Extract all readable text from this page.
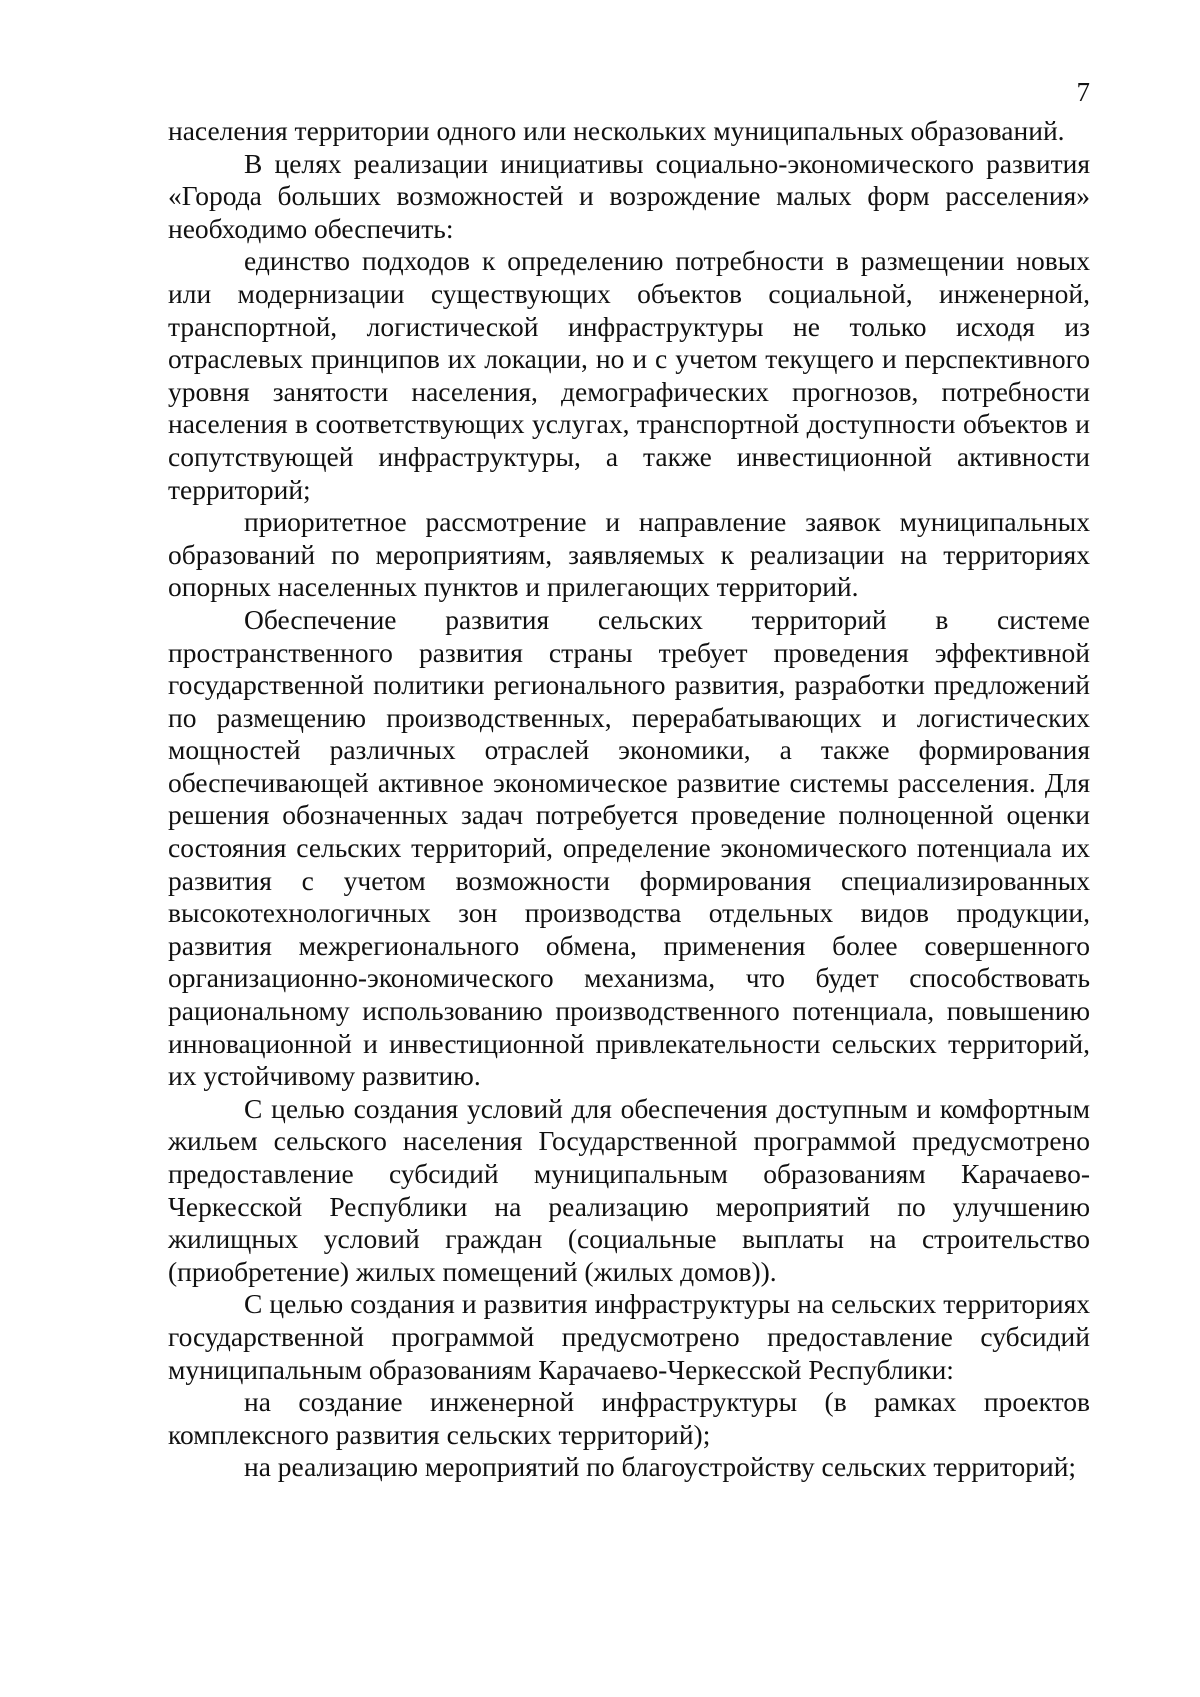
7

населения территории одного или нескольких муниципальных образований.

В целях реализации инициативы социально-экономического развития «Города больших возможностей и возрождение малых форм расселения» необходимо обеспечить:

единство подходов к определению потребности в размещении новых или модернизации существующих объектов социальной, инженерной, транспортной, логистической инфраструктуры не только исходя из отраслевых принципов их локации, но и с учетом текущего и перспективного уровня занятости населения, демографических прогнозов, потребности населения в соответствующих услугах, транспортной доступности объектов и сопутствующей инфраструктуры, а также инвестиционной активности территорий;

приоритетное рассмотрение и направление заявок муниципальных образований по мероприятиям, заявляемых к реализации на территориях опорных населенных пунктов и прилегающих территорий.

Обеспечение развития сельских территорий в системе пространственного развития страны требует проведения эффективной государственной политики регионального развития, разработки предложений по размещению производственных, перерабатывающих и логистических мощностей различных отраслей экономики, а также формирования обеспечивающей активное экономическое развитие системы расселения. Для решения обозначенных задач потребуется проведение полноценной оценки состояния сельских территорий, определение экономического потенциала их развития с учетом возможности формирования специализированных высокотехнологичных зон производства отдельных видов продукции, развития межрегионального обмена, применения более совершенного организационно-экономического механизма, что будет способствовать рациональному использованию производственного потенциала, повышению инновационной и инвестиционной привлекательности сельских территорий, их устойчивому развитию.

С целью создания условий для обеспечения доступным и комфортным жильем сельского населения Государственной программой предусмотрено предоставление субсидий муниципальным образованиям Карачаево-Черкесской Республики на реализацию мероприятий по улучшению жилищных условий граждан (социальные выплаты на строительство (приобретение) жилых помещений (жилых домов)).

С целью создания и развития инфраструктуры на сельских территориях государственной программой предусмотрено предоставление субсидий муниципальным образованиям Карачаево-Черкесской Республики:

на создание инженерной инфраструктуры (в рамках проектов комплексного развития сельских территорий);

на реализацию мероприятий по благоустройству сельских территорий;
